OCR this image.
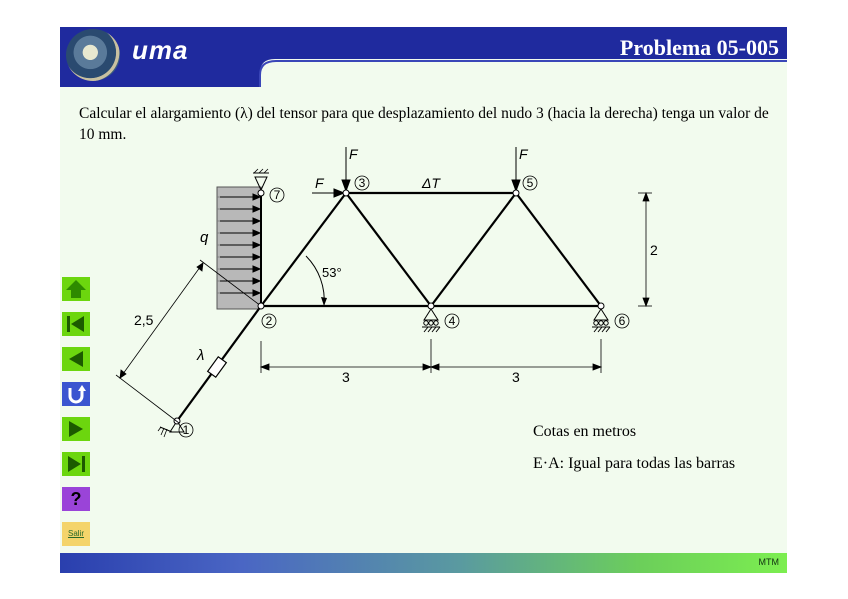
uma	Problema 05-005
Calcular el alargamiento (λ) del tensor para que desplazamiento del nudo 3 (hacia la derecha) tenga un valor de 10 mm.
53°
λ
2,5
q
F	F
F	ΔT
1
2
3
4
5
6
7
2
3	3
Cotas en metros
E·A: Igual para todas las barras
?
Salir
MTM
